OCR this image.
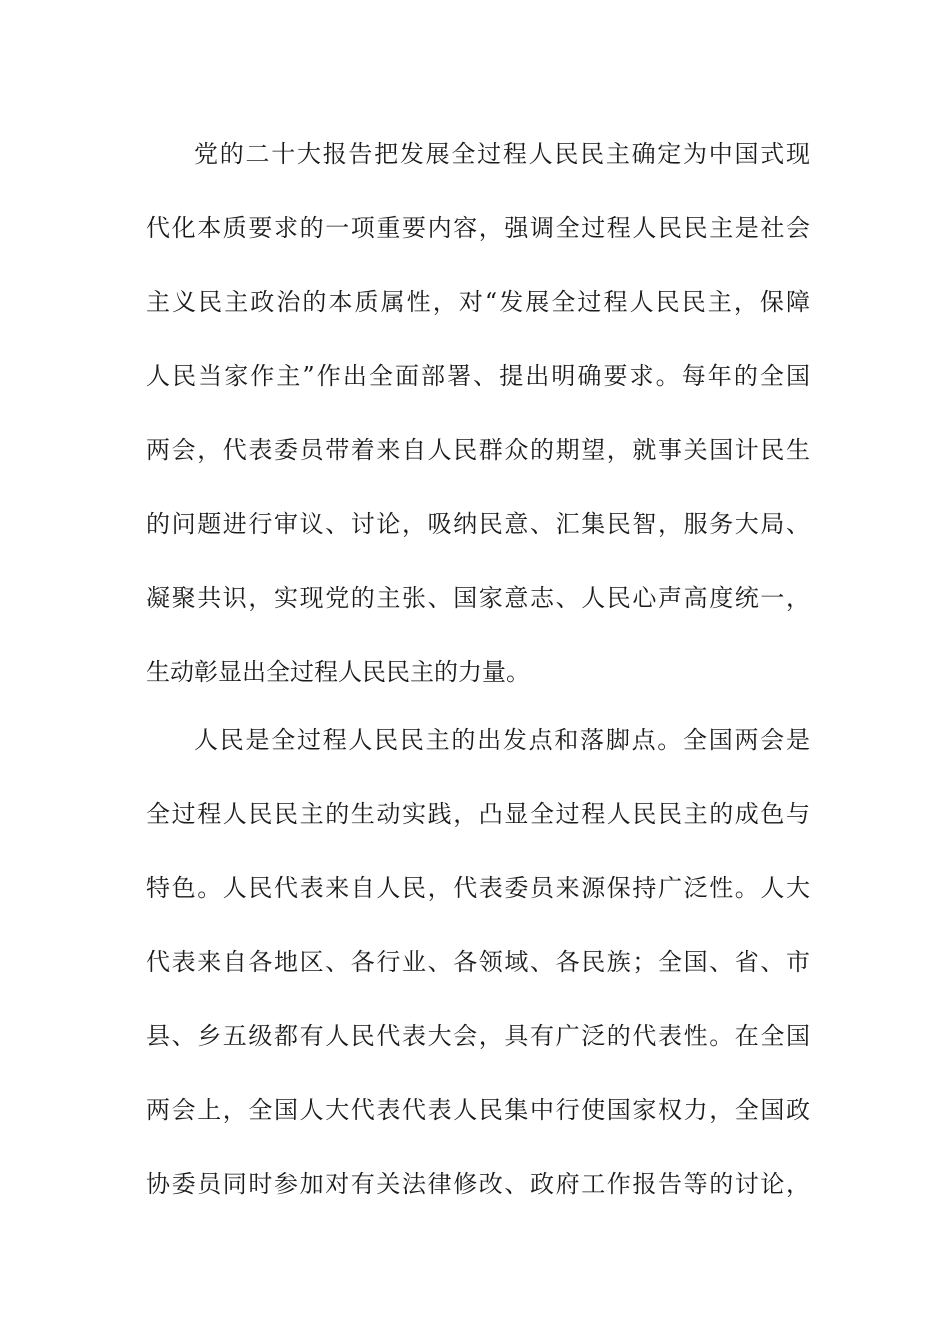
党的二十大报告把发展全过程人民民主确定为中国式现
代化本质要求的一项重要内容，强调全过程人民民主是社会
主义民主政治的本质属性，对“发展全过程人民民主，保障
人民当家作主”作出全面部署、提出明确要求。每年的全国
两会，代表委员带着来自人民群众的期望，就事关国计民生
的问题进行审议、讨论，吸纳民意、汇集民智，服务大局、
凝聚共识，实现党的主张、国家意志、人民心声高度统一，
生动彰显出全过程人民民主的力量。
人民是全过程人民民主的出发点和落脚点。全国两会是
全过程人民民主的生动实践，凸显全过程人民民主的成色与
特色。人民代表来自人民，代表委员来源保持广泛性。人大
代表来自各地区、各行业、各领域、各民族；全国、省、市
县、乡五级都有人民代表大会，具有广泛的代表性。在全国
两会上，全国人大代表代表人民集中行使国家权力，全国政
协委员同时参加对有关法律修改、政府工作报告等的讨论，
